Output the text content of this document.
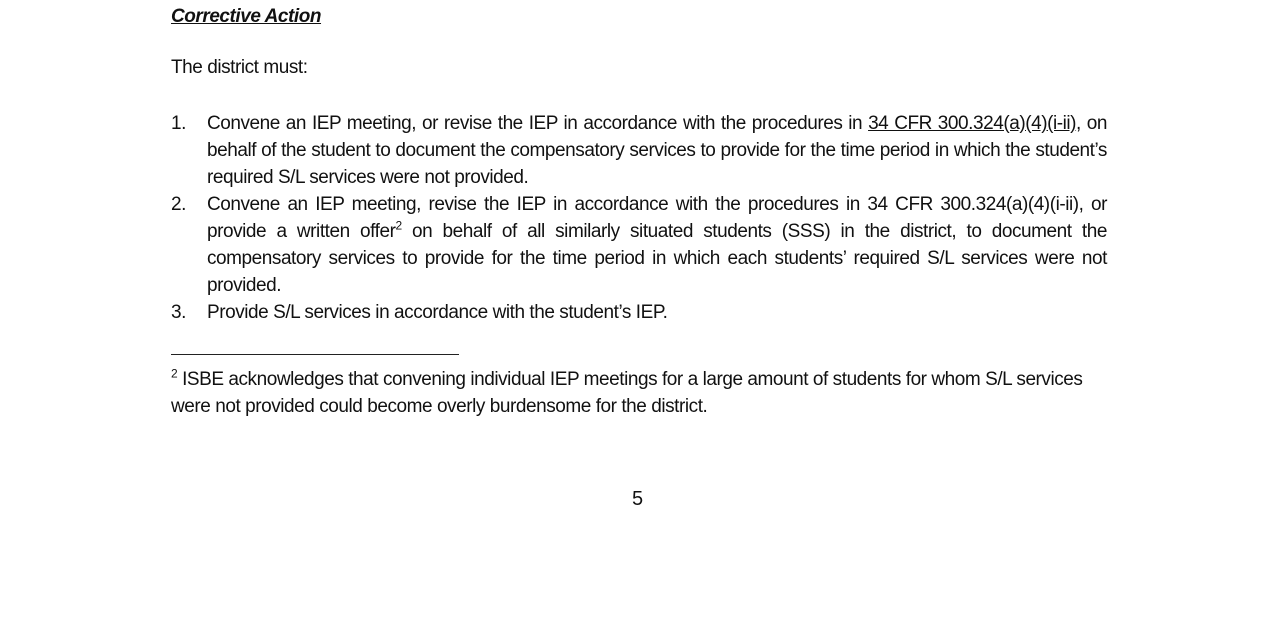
Corrective Action
The district must:
1. Convene an IEP meeting, or revise the IEP in accordance with the procedures in 34 CFR 300.324(a)(4)(i-ii), on behalf of the student to document the compensatory services to provide for the time period in which the student’s required S/L services were not provided.
2. Convene an IEP meeting, revise the IEP in accordance with the procedures in 34 CFR 300.324(a)(4)(i-ii), or provide a written offer$^2$ on behalf of all similarly situated students (SSS) in the district, to document the compensatory services to provide for the time period in which each students’ required S/L services were not provided.
3. Provide S/L services in accordance with the student’s IEP.
$^2$ ISBE acknowledges that convening individual IEP meetings for a large amount of students for whom S/L services were not provided could become overly burdensome for the district.
5
